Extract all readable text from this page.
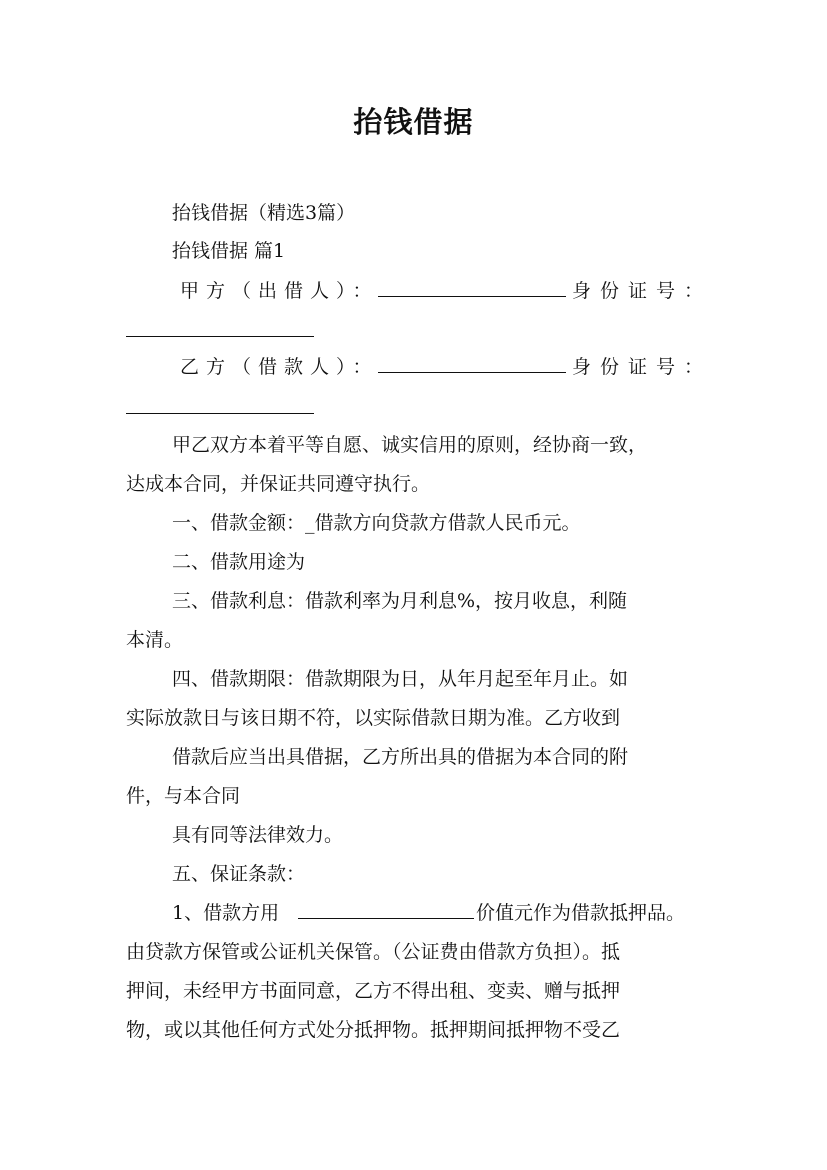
抬钱借据
抬钱借据（精选3篇）
抬钱借据 篇1
甲方（出借人）：	身份证号：
乙方（借款人）：	身份证号：
甲乙双方本着平等自愿、诚实信用的原则，经协商一致，
达成本合同，并保证共同遵守执行。
一、借款金额：_借款方向贷款方借款人民币元。
二、借款用途为
三、借款利息：借款利率为月利息%，按月收息，利随
本清。
四、借款期限：借款期限为日，从年月起至年月止。如
实际放款日与该日期不符，以实际借款日期为准。乙方收到
借款后应当出具借据，乙方所出具的借据为本合同的附
件，与本合同
具有同等法律效力。
五、保证条款：
1、借款方用	价值元作为借款抵押品。
由贷款方保管或公证机关保管。（公证费由借款方负担）。抵
押间，未经甲方书面同意，乙方不得出租、变卖、赠与抵押
物，或以其他任何方式处分抵押物。抵押期间抵押物不受乙
